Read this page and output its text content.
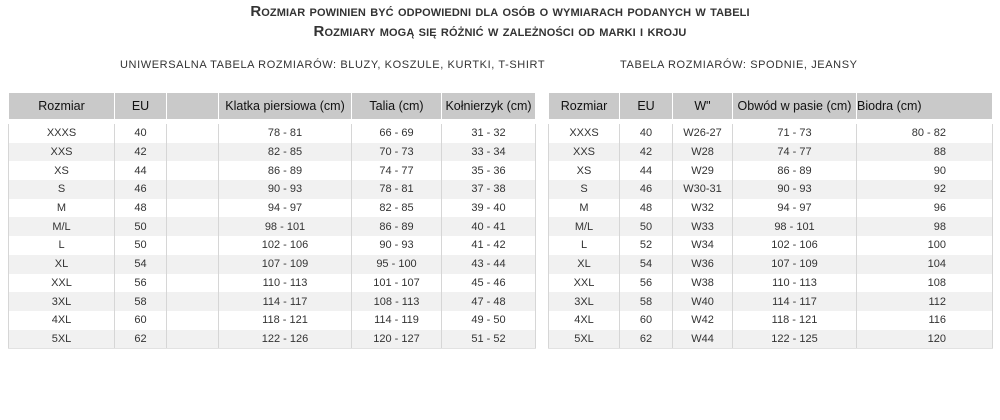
Rozmiar powinien być odpowiedni dla osób o wymiarach podanych w tabeli
Rozmiary mogą się różnić w zależności od marki i kroju
UNIWERSALNA TABELA ROZMIARÓW: BLUZY, KOSZULE, KURTKI, T-SHIRT	TABELA ROZMIARÓW: SPODNIE, JEANSY
Rozmiar	EU		Klatka piersiowa (cm)	Talia (cm)	Kołnierzyk (cm)

XXXS	40		78 - 81	66 - 69	31 - 32
XXS	42		82 - 85	70 - 73	33 - 34
XS	44		86 - 89	74 - 77	35 - 36
S	46		90 - 93	78 - 81	37 - 38
M	48		94 - 97	82 - 85	39 - 40
M/L	50		98 - 101	86 - 89	40 - 41
L	50		102 - 106	90 - 93	41 - 42
XL	54		107 - 109	95 - 100	43 - 44
XXL	56		110 - 113	101 - 107	45 - 46
3XL	58		114 - 117	108 - 113	47 - 48
4XL	60		118 - 121	114 - 119	49 - 50
5XL	62		122 - 126	120 - 127	51 - 52
Rozmiar	EU	W"	Obwód w pasie (cm)	Biodra (cm)

XXXS	40	W26-27	71 - 73	80 - 82
XXS	42	W28	74 - 77	88
XS	44	W29	86 - 89	90
S	46	W30-31	90 - 93	92
M	48	W32	94 - 97	96
M/L	50	W33	98 - 101	98
L	52	W34	102 - 106	100
XL	54	W36	107 - 109	104
XXL	56	W38	110 - 113	108
3XL	58	W40	114 - 117	112
4XL	60	W42	118 - 121	116
5XL	62	W44	122 - 125	120
